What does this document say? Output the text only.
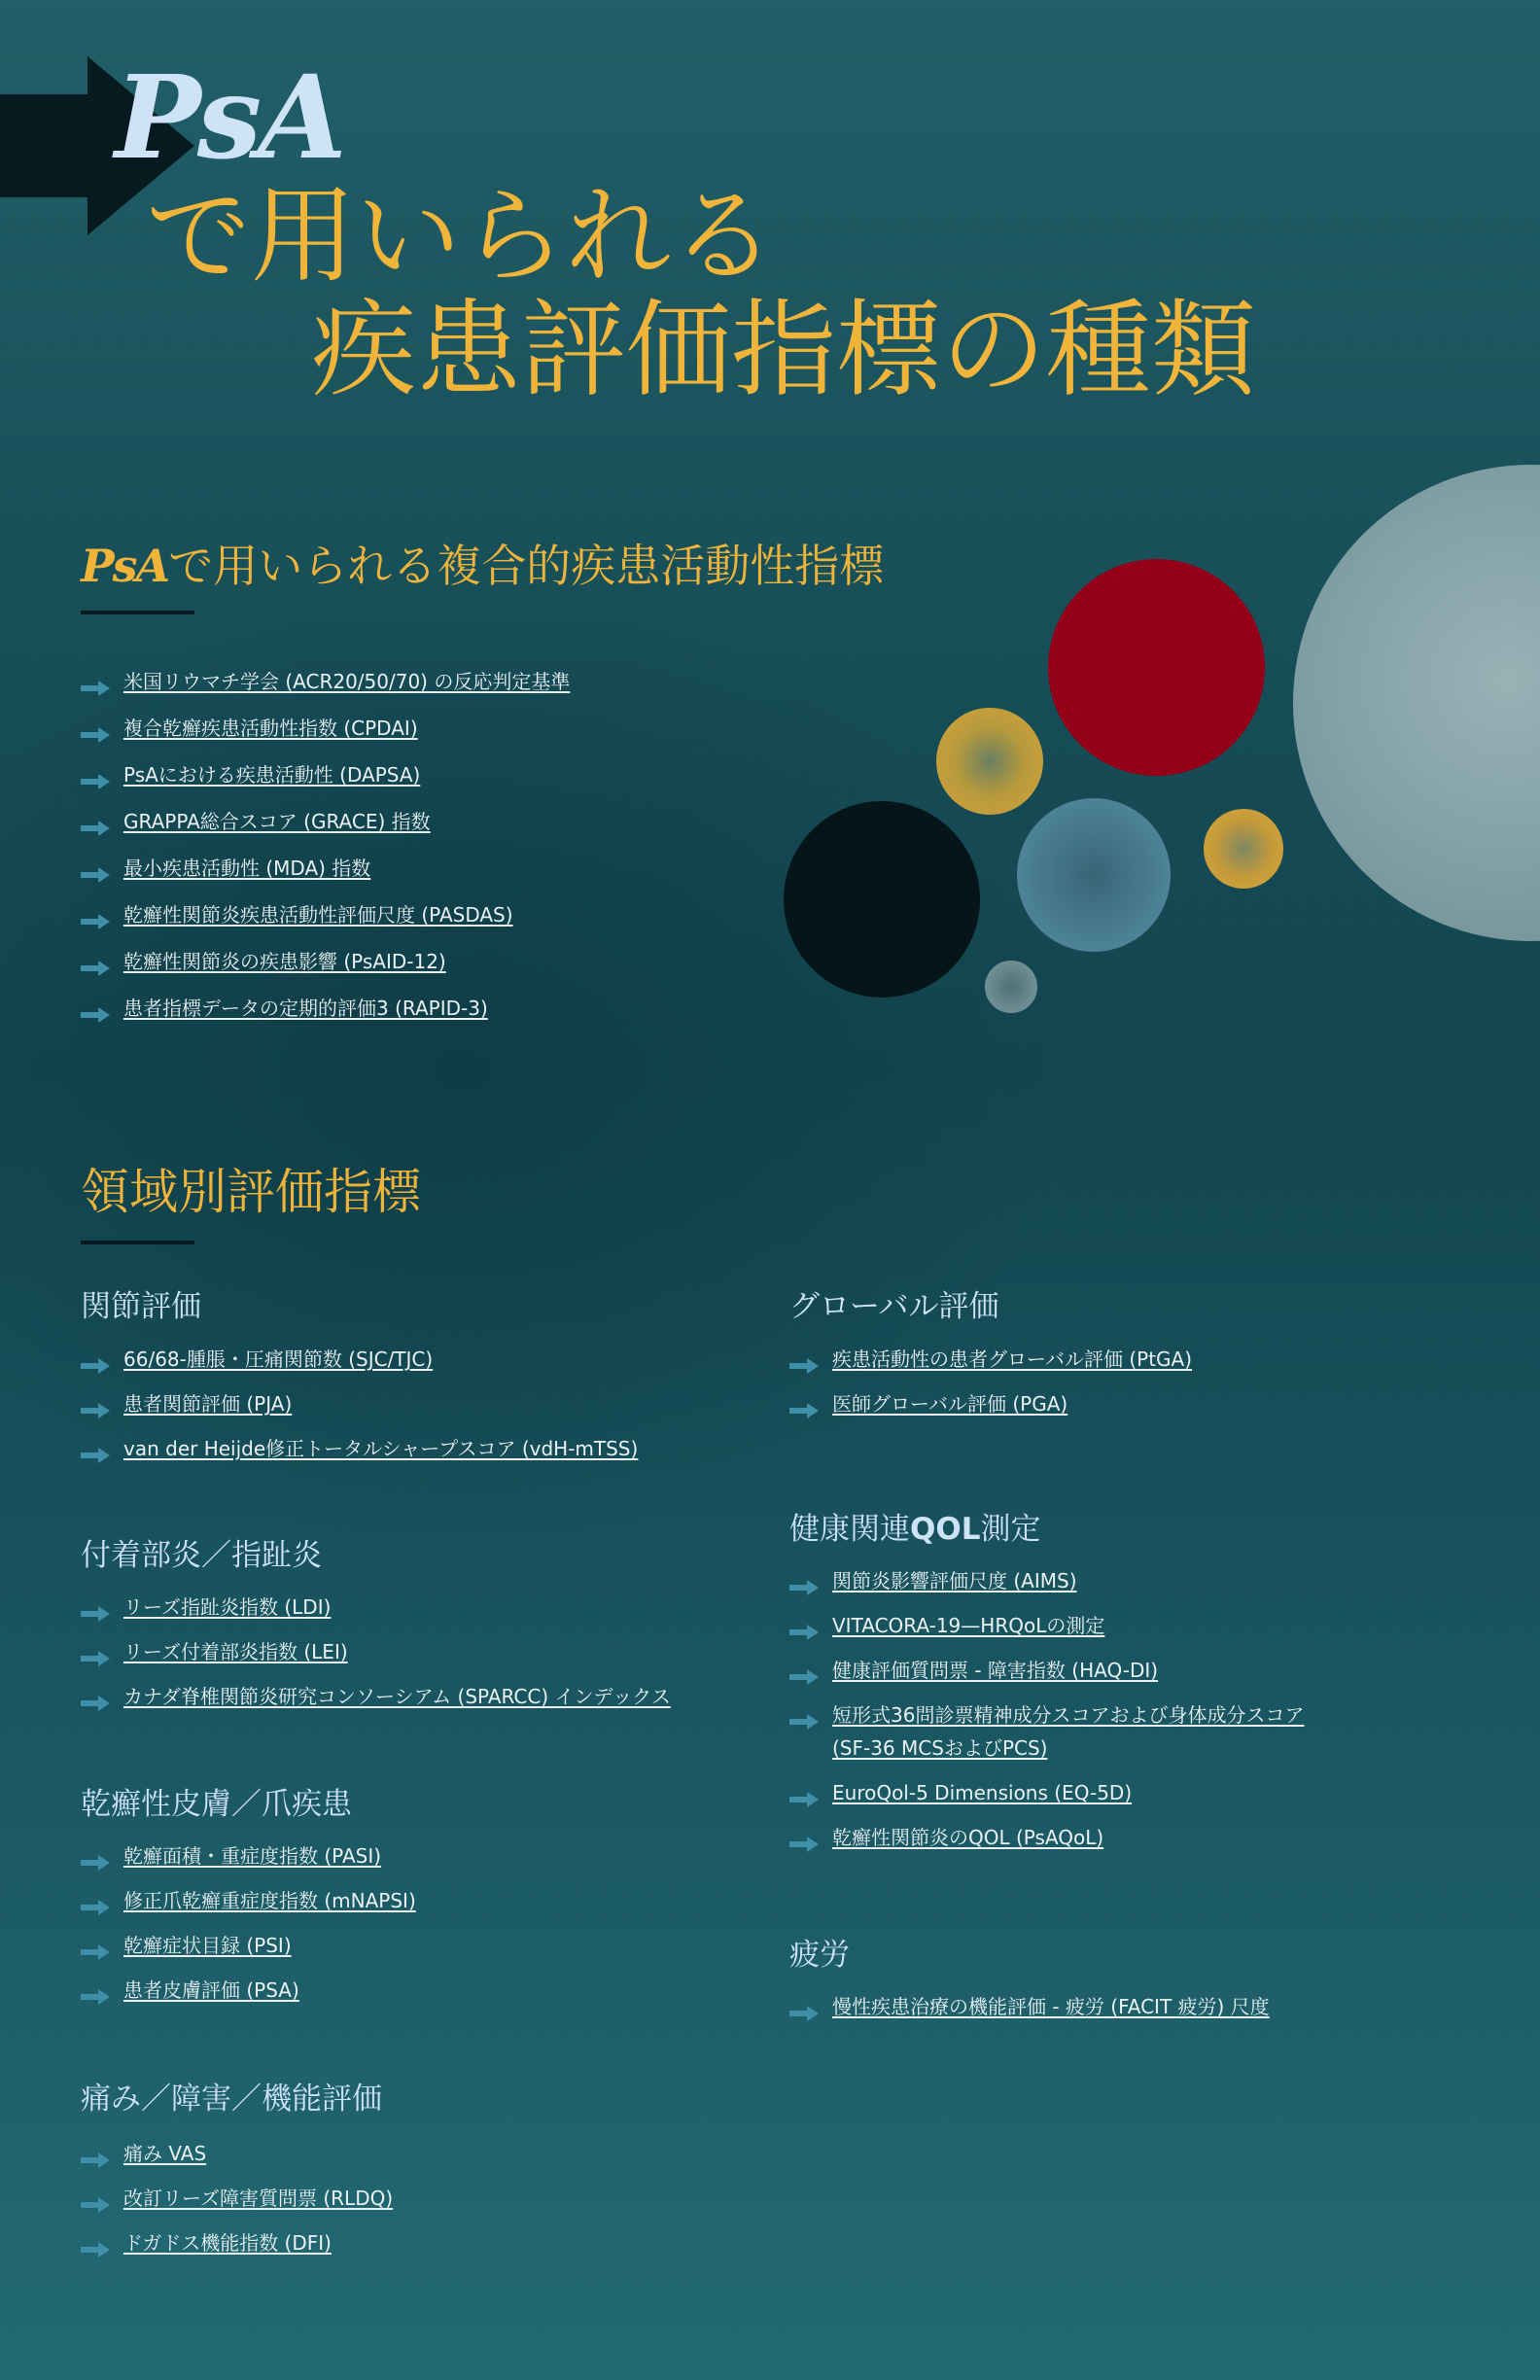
PsA
で用いられる
疾患評価指標の種類
PsAで用いられる複合的疾患活動性指標
米国リウマチ学会 (ACR20/50/70) の反応判定基準
複合乾癬疾患活動性指数 (CPDAI)
PsAにおける疾患活動性 (DAPSA)
GRAPPA総合スコア (GRACE) 指数
最小疾患活動性 (MDA) 指数
乾癬性関節炎疾患活動性評価尺度 (PASDAS)
乾癬性関節炎の疾患影響 (PsAID-12)
患者指標データの定期的評価3 (RAPID-3)
領域別評価指標
関節評価
66/68-腫脹・圧痛関節数 (SJC/TJC)
患者関節評価 (PJA)
van der Heijde修正トータルシャープスコア (vdH-mTSS)
付着部炎／指趾炎
リーズ指趾炎指数 (LDI)
リーズ付着部炎指数 (LEI)
カナダ脊椎関節炎研究コンソーシアム (SPARCC) インデックス
乾癬性皮膚／爪疾患
乾癬面積・重症度指数 (PASI)
修正爪乾癬重症度指数 (mNAPSI)
乾癬症状目録 (PSI)
患者皮膚評価 (PSA)
痛み／障害／機能評価
痛み VAS
改訂リーズ障害質問票 (RLDQ)
ドガドス機能指数 (DFI)
グローバル評価
疾患活動性の患者グローバル評価 (PtGA)
医師グローバル評価 (PGA)
健康関連QOL測定
関節炎影響評価尺度 (AIMS)
VITACORA-19—HRQoLの測定
健康評価質問票 - 障害指数 (HAQ-DI)
短形式36問診票精神成分スコアおよび身体成分スコア
(SF-36 MCSおよびPCS)
EuroQol-5 Dimensions (EQ-5D)
乾癬性関節炎のQOL (PsAQoL)
疲労
慢性疾患治療の機能評価 - 疲労 (FACIT 疲労) 尺度
